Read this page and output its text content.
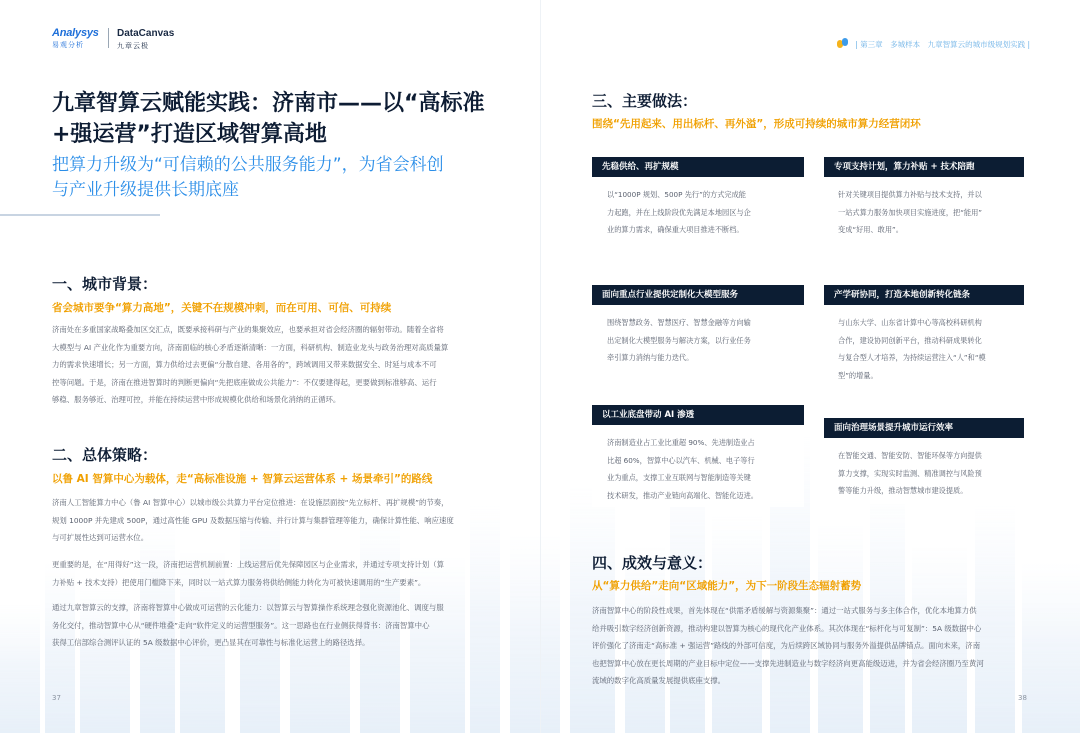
Analysys
易观分析
DataCanvas
九章云极	| 第三章　多城样本　九章智算云的城市级规划实践 |
九章智算云赋能实践：济南市——以“高标准
+强运营”打造区域智算高地
把算力升级为“可信赖的公共服务能力”，为省会科创
与产业升级提供长期底座
一、城市背景：
省会城市要争“算力高地”，关键不在规模冲刺，而在可用、可信、可持续
济南处在多重国家战略叠加区交汇点，既要承接科研与产业的集聚效应，也要承担对省会经济圈的辐射带动。随着全省将
大模型与 AI 产业化作为重要方向，济南面临的核心矛盾逐渐清晰：一方面，科研机构、制造业龙头与政务治理对高质量算
力的需求快速增长；另一方面，算力供给过去更偏“分散自建、各用各的”，跨域调用又带来数据安全、时延与成本不可
控等问题。于是，济南在推进智算时的判断更偏向“先把底座做成公共能力”：不仅要建得起，更要做到标准够高、运行
够稳、服务够近、治理可控，并能在持续运营中形成规模化供给和场景化消纳的正循环。
二、总体策略：
以鲁 AI 智算中心为载体，走“高标准设施 + 智算云运营体系 + 场景牵引”的路线
济南人工智能算力中心（鲁 AI 智算中心）以城市级公共算力平台定位推进：在设施层面按“先立标杆、再扩规模”的节奏，
规划 1000P 并先建成 500P，通过高性能 GPU 及数据压缩与传输、并行计算与集群管理等能力，确保计算性能、响应速度
与可扩展性达到可运营水位。
更重要的是，在“用得好”这一段，济南把运营机制前置：上线运营后优先保障园区与企业需求，并通过专项支持计划（算
力补贴 + 技术支持）把使用门槛降下来，同时以一站式算力服务将供给侧能力转化为可被快速调用的“生产要素”。
通过九章智算云的支撑，济南将智算中心做成可运营的云化能力：以智算云与智算操作系统理念强化资源池化、调度与服
务化交付，推动智算中心从“硬件堆叠”走向“软件定义的运营型服务”。这一思路也在行业侧获得背书：济南智算中心
获得工信部综合测评认证的 5A 级数据中心评价，更凸显其在可靠性与标准化运营上的路径选择。
37
三、主要做法：
围绕“先用起来、用出标杆、再外溢”，形成可持续的城市算力经营闭环
先稳供给、再扩规模
以“1000P 规划、500P 先行”的方式完成能
力起跑，并在上线阶段优先满足本地园区与企
业的算力需求，确保重大项目推进不断档。
专项支持计划，算力补贴 + 技术陪跑
针对关键项目提供算力补贴与技术支持，并以
一站式算力服务加快项目实施进度，把“能用”
变成“好用、敢用”。
面向重点行业提供定制化大模型服务
围绕智慧政务、智慧医疗、智慧金融等方向输
出定制化大模型服务与解决方案，以行业任务
牵引算力消纳与能力迭代。
产学研协同，打造本地创新转化链条
与山东大学、山东省计算中心等高校科研机构
合作，建设协同创新平台，推动科研成果转化
与复合型人才培养，为持续运营注入“人”和“模
型”的增量。
以工业底盘带动 AI 渗透
济南制造业占工业比重超 90%、先进制造业占
比超 60%，智算中心以汽车、机械、电子等行
业为重点，支撑工业互联网与智能制造等关键
技术研发，推动产业链向高端化、智能化迈进。
面向治理场景提升城市运行效率
在智能交通、智能安防、智能环保等方向提供
算力支撑，实现实时监测、精准调控与风险预
警等能力升级，推动智慧城市建设提质。
四、成效与意义：
从“算力供给”走向“区域能力”，为下一阶段生态辐射蓄势
济南智算中心的阶段性成果，首先体现在“供需矛盾缓解与资源集聚”：通过一站式服务与多主体合作，优化本地算力供
给并吸引数字经济创新资源，推动构建以智算为核心的现代化产业体系。其次体现在“标杆化与可复制”：5A 级数据中心
评价强化了济南走“高标准 + 强运营”路线的外部可信度，为后续跨区域协同与服务外溢提供品牌锚点。面向未来，济南
也把智算中心放在更长周期的产业目标中定位——支撑先进制造业与数字经济向更高能级迈进，并为省会经济圈乃至黄河
流域的数字化高质量发展提供底座支撑。
38
